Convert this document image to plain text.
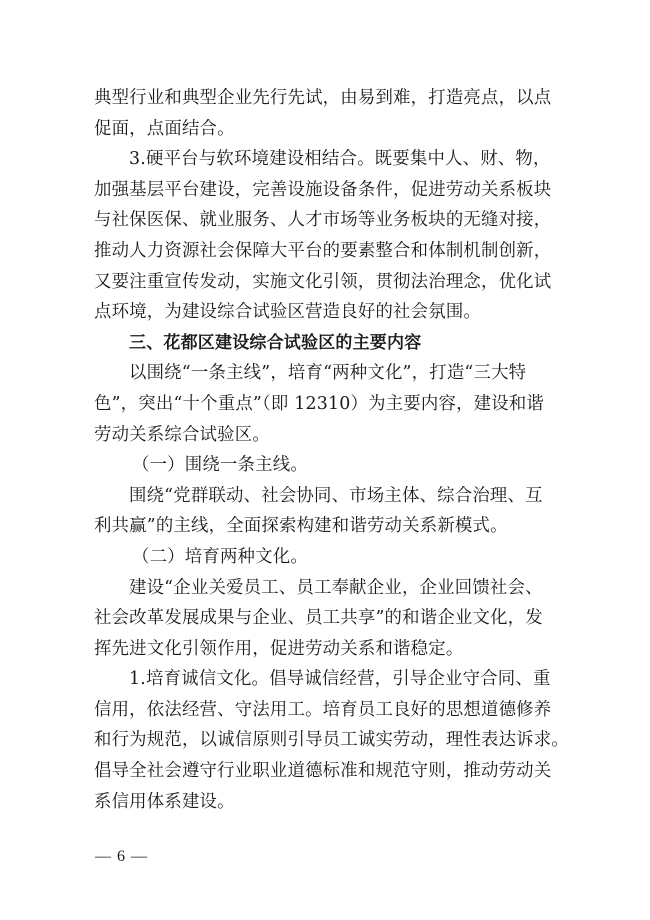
典型行业和典型企业先行先试，由易到难，打造亮点，以点
促面，点面结合。
3.硬平台与软环境建设相结合。既要集中人、财、物，
加强基层平台建设，完善设施设备条件，促进劳动关系板块
与社保医保、就业服务、人才市场等业务板块的无缝对接，
推动人力资源社会保障大平台的要素整合和体制机制创新，
又要注重宣传发动，实施文化引领，贯彻法治理念，优化试
点环境，为建设综合试验区营造良好的社会氛围。
三、花都区建设综合试验区的主要内容
以围绕“一条主线”，培育“两种文化”，打造“三大特
色”，突出“十个重点”（即 12310）为主要内容，建设和谐
劳动关系综合试验区。
（一）围绕一条主线。
围绕“党群联动、社会协同、市场主体、综合治理、互
利共赢”的主线，全面探索构建和谐劳动关系新模式。
（二）培育两种文化。
建设“企业关爱员工、员工奉献企业，企业回馈社会、
社会改革发展成果与企业、员工共享”的和谐企业文化，发
挥先进文化引领作用，促进劳动关系和谐稳定。
1.培育诚信文化。倡导诚信经营，引导企业守合同、重
信用，依法经营、守法用工。培育员工良好的思想道德修养
和行为规范，以诚信原则引导员工诚实劳动，理性表达诉求。
倡导全社会遵守行业职业道德标准和规范守则，推动劳动关
系信用体系建设。
— 6 —
